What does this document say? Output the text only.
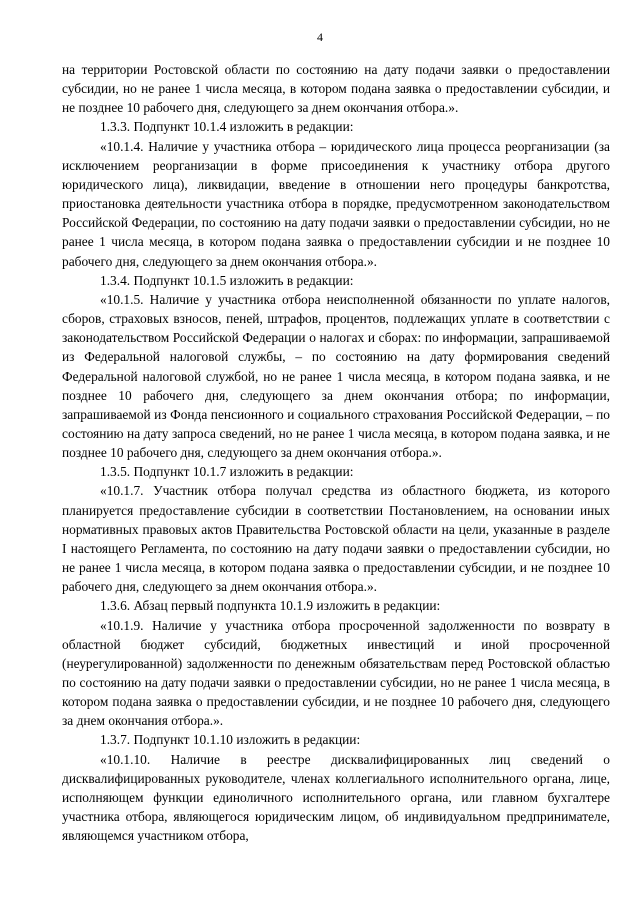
4

на территории Ростовской области по состоянию на дату подачи заявки о предоставлении субсидии, но не ранее 1 числа месяца, в котором подана заявка о предоставлении субсидии, и не позднее 10 рабочего дня, следующего за днем окончания отбора.».

1.3.3. Подпункт 10.1.4 изложить в редакции:

«10.1.4. Наличие у участника отбора – юридического лица процесса реорганизации (за исключением реорганизации в форме присоединения к участнику отбора другого юридического лица), ликвидации, введение в отношении него процедуры банкротства, приостановка деятельности участника отбора в порядке, предусмотренном законодательством Российской Федерации, по состоянию на дату подачи заявки о предоставлении субсидии, но не ранее 1 числа месяца, в котором подана заявка о предоставлении субсидии и не позднее 10 рабочего дня, следующего за днем окончания отбора.».

1.3.4. Подпункт 10.1.5 изложить в редакции:

«10.1.5. Наличие у участника отбора неисполненной обязанности по уплате налогов, сборов, страховых взносов, пеней, штрафов, процентов, подлежащих уплате в соответствии с законодательством Российской Федерации о налогах и сборах: по информации, запрашиваемой из Федеральной налоговой службы, – по состоянию на дату формирования сведений Федеральной налоговой службой, но не ранее 1 числа месяца, в котором подана заявка, и не позднее 10 рабочего дня, следующего за днем окончания отбора; по информации, запрашиваемой из Фонда пенсионного и социального страхования Российской Федерации, – по состоянию на дату запроса сведений, но не ранее 1 числа месяца, в котором подана заявка, и не позднее 10 рабочего дня, следующего за днем окончания отбора.».

1.3.5. Подпункт 10.1.7 изложить в редакции:

«10.1.7. Участник отбора получал средства из областного бюджета, из которого планируется предоставление субсидии в соответствии Постановлением, на основании иных нормативных правовых актов Правительства Ростовской области на цели, указанные в разделе I настоящего Регламента, по состоянию на дату подачи заявки о предоставлении субсидии, но не ранее 1 числа месяца, в котором подана заявка о предоставлении субсидии, и не позднее 10 рабочего дня, следующего за днем окончания отбора.».

1.3.6. Абзац первый подпункта 10.1.9 изложить в редакции:

«10.1.9. Наличие у участника отбора просроченной задолженности по возврату в областной бюджет субсидий, бюджетных инвестиций и иной просроченной (неурегулированной) задолженности по денежным обязательствам перед Ростовской областью по состоянию на дату подачи заявки о предоставлении субсидии, но не ранее 1 числа месяца, в котором подана заявка о предоставлении субсидии, и не позднее 10 рабочего дня, следующего за днем окончания отбора.».

1.3.7. Подпункт 10.1.10 изложить в редакции:

«10.1.10. Наличие в реестре дисквалифицированных лиц сведений о дисквалифицированных руководителе, членах коллегиального исполнительного органа, лице, исполняющем функции единоличного исполнительного органа, или главном бухгалтере участника отбора, являющегося юридическим лицом, об индивидуальном предпринимателе, являющемся участником отбора,
